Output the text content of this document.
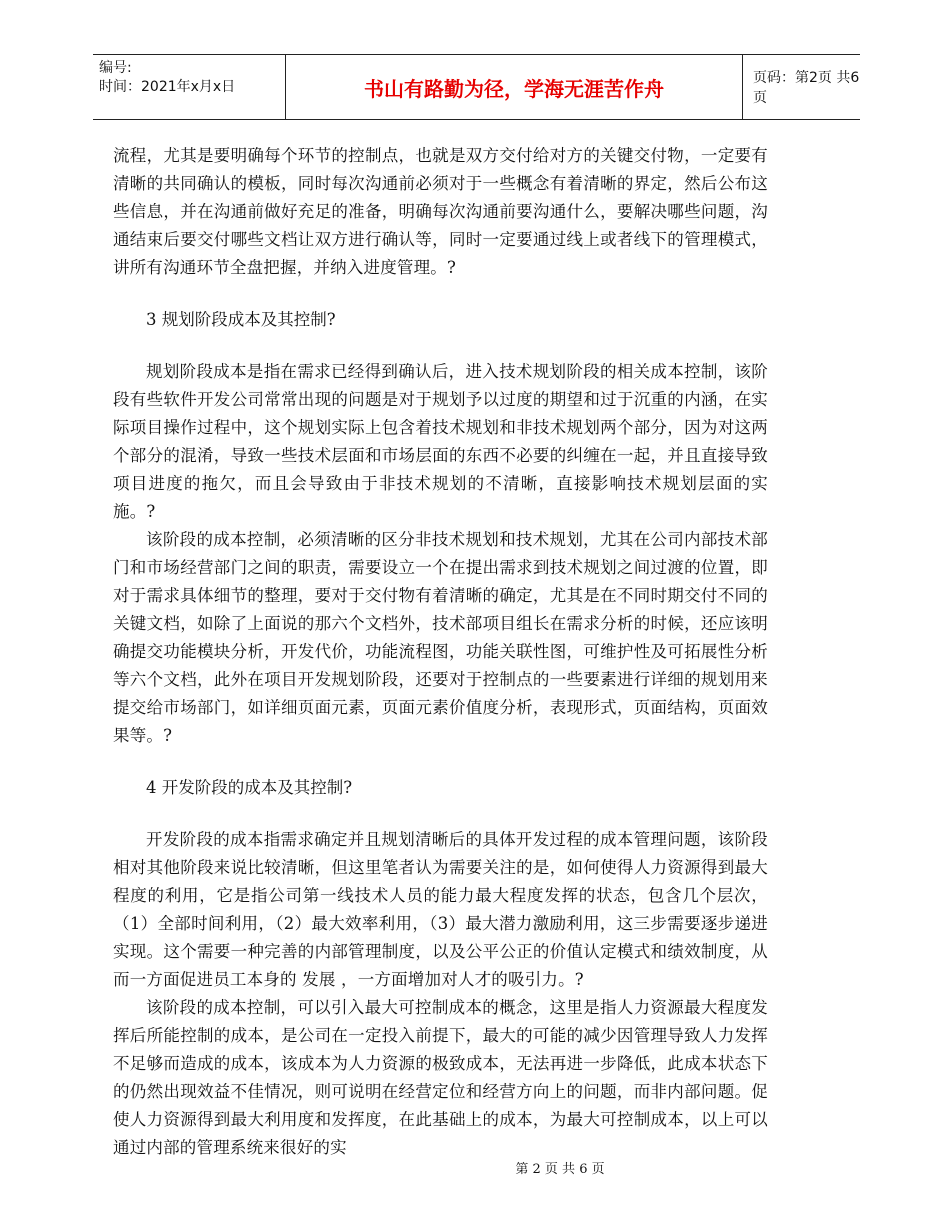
编号:
时间：2021年x月x日	书山有路勤为径，学海无涯苦作舟	页码：第2页 共6页

流程，尤其是要明确每个环节的控制点，也就是双方交付给对方的关键交付物，一定要有清晰的共同确认的模板，同时每次沟通前必须对于一些概念有着清晰的界定，然后公布这些信息，并在沟通前做好充足的准备，明确每次沟通前要沟通什么，要解决哪些问题，沟通结束后要交付哪些文档让双方进行确认等，同时一定要通过线上或者线下的管理模式，讲所有沟通环节全盘把握，并纳入进度管理。?

3 规划阶段成本及其控制?

规划阶段成本是指在需求已经得到确认后，进入技术规划阶段的相关成本控制，该阶段有些软件开发公司常常出现的问题是对于规划予以过度的期望和过于沉重的内涵，在实际项目操作过程中，这个规划实际上包含着技术规划和非技术规划两个部分，因为对这两个部分的混淆，导致一些技术层面和市场层面的东西不必要的纠缠在一起，并且直接导致项目进度的拖欠，而且会导致由于非技术规划的不清晰，直接影响技术规划层面的实施。?

该阶段的成本控制，必须清晰的区分非技术规划和技术规划，尤其在公司内部技术部门和市场经营部门之间的职责，需要设立一个在提出需求到技术规划之间过渡的位置，即对于需求具体细节的整理，要对于交付物有着清晰的确定，尤其是在不同时期交付不同的关键文档，如除了上面说的那六个文档外，技术部项目组长在需求分析的时候，还应该明确提交功能模块分析，开发代价，功能流程图，功能关联性图，可维护性及可拓展性分析等六个文档，此外在项目开发规划阶段，还要对于控制点的一些要素进行详细的规划用来提交给市场部门，如详细页面元素，页面元素价值度分析，表现形式，页面结构，页面效果等。?

4 开发阶段的成本及其控制?

开发阶段的成本指需求确定并且规划清晰后的具体开发过程的成本管理问题，该阶段相对其他阶段来说比较清晰，但这里笔者认为需要关注的是，如何使得人力资源得到最大程度的利用，它是指公司第一线技术人员的能力最大程度发挥的状态，包含几个层次，（1）全部时间利用，（2）最大效率利用，（3）最大潜力激励利用，这三步需要逐步递进实现。这个需要一种完善的内部管理制度，以及公平公正的价值认定模式和绩效制度，从而一方面促进员工本身的 发展 ，一方面增加对人才的吸引力。?

该阶段的成本控制，可以引入最大可控制成本的概念，这里是指人力资源最大程度发挥后所能控制的成本，是公司在一定投入前提下，最大的可能的减少因管理导致人力发挥不足够而造成的成本，该成本为人力资源的极致成本，无法再进一步降低，此成本状态下的仍然出现效益不佳情况，则可说明在经营定位和经营方向上的问题，而非内部问题。促使人力资源得到最大利用度和发挥度，在此基础上的成本，为最大可控制成本，以上可以通过内部的管理系统来很好的实

第 2 页 共 6 页
